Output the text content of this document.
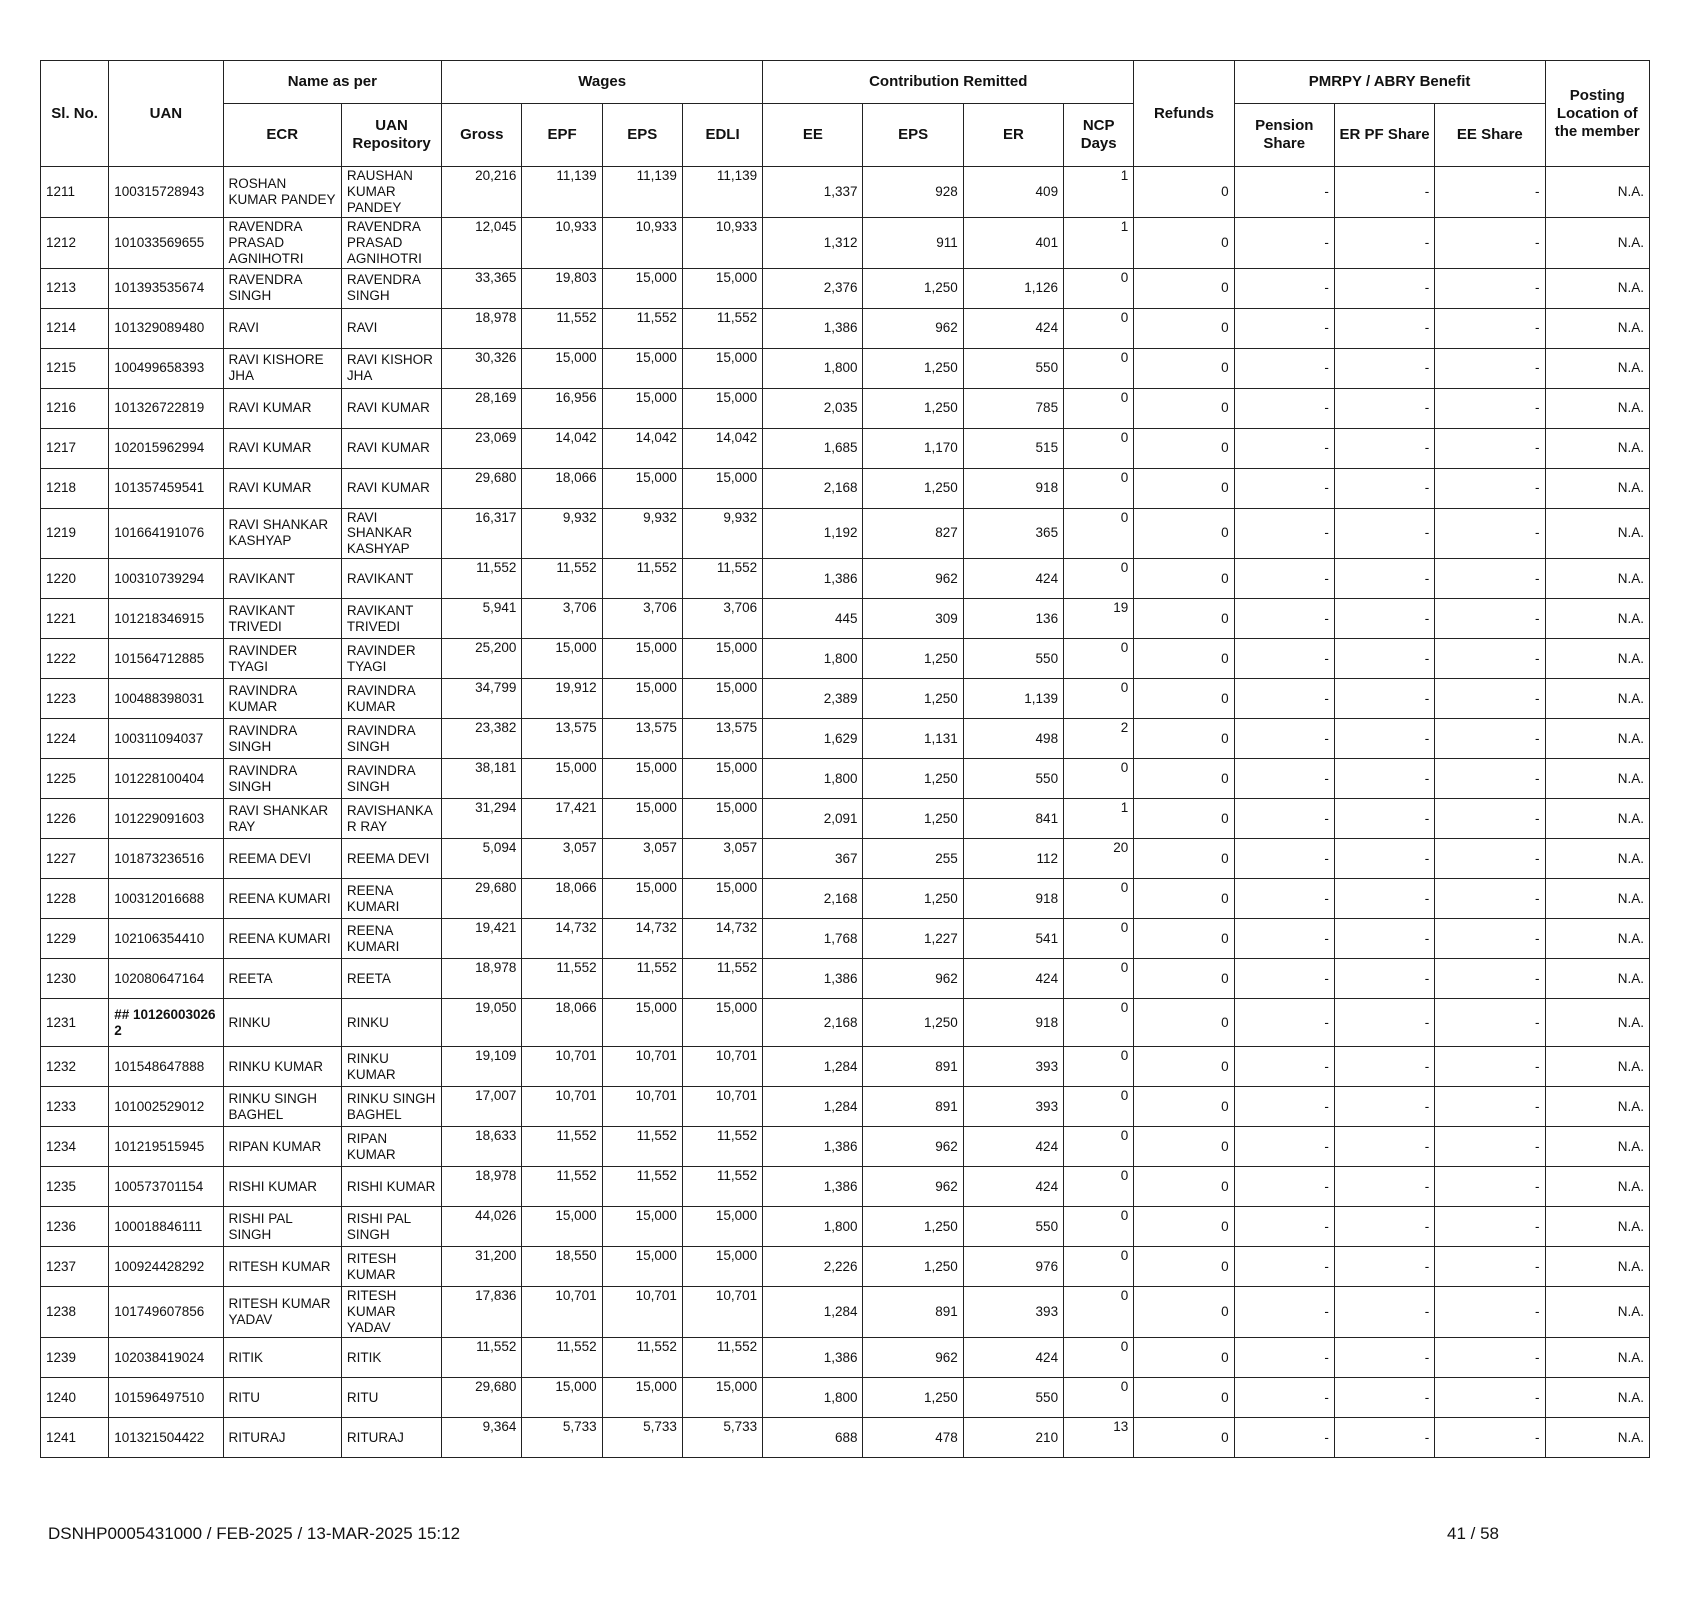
Sl. No.	UAN	Name as per		Wages				Contribution Remitted				Refunds	PMRPY / ABRY Benefit			Posting Location of the member
		ECR	UAN Repository	Gross	EPF	EPS	EDLI	EE	EPS	ER	NCP Days		Pension Share	ER PF Share	EE Share	
1211	100315728943	ROSHAN KUMAR PANDEY	RAUSHAN KUMAR PANDEY	20,216	11,139	11,139	11,139	1,337	928	409	1	0	-	-	-	N.A.
1212	101033569655	RAVENDRA PRASAD AGNIHOTRI	RAVENDRA PRASAD AGNIHOTRI	12,045	10,933	10,933	10,933	1,312	911	401	1	0	-	-	-	N.A.
1213	101393535674	RAVENDRA SINGH	RAVENDRA SINGH	33,365	19,803	15,000	15,000	2,376	1,250	1,126	0	0	-	-	-	N.A.
1214	101329089480	RAVI	RAVI	18,978	11,552	11,552	11,552	1,386	962	424	0	0	-	-	-	N.A.
1215	100499658393	RAVI KISHORE JHA	RAVI KISHOR JHA	30,326	15,000	15,000	15,000	1,800	1,250	550	0	0	-	-	-	N.A.
1216	101326722819	RAVI KUMAR	RAVI KUMAR	28,169	16,956	15,000	15,000	2,035	1,250	785	0	0	-	-	-	N.A.
1217	102015962994	RAVI KUMAR	RAVI KUMAR	23,069	14,042	14,042	14,042	1,685	1,170	515	0	0	-	-	-	N.A.
1218	101357459541	RAVI KUMAR	RAVI KUMAR	29,680	18,066	15,000	15,000	2,168	1,250	918	0	0	-	-	-	N.A.
1219	101664191076	RAVI SHANKAR KASHYAP	RAVI SHANKAR KASHYAP	16,317	9,932	9,932	9,932	1,192	827	365	0	0	-	-	-	N.A.
1220	100310739294	RAVIKANT	RAVIKANT	11,552	11,552	11,552	11,552	1,386	962	424	0	0	-	-	-	N.A.
1221	101218346915	RAVIKANT TRIVEDI	RAVIKANT TRIVEDI	5,941	3,706	3,706	3,706	445	309	136	19	0	-	-	-	N.A.
1222	101564712885	RAVINDER TYAGI	RAVINDER TYAGI	25,200	15,000	15,000	15,000	1,800	1,250	550	0	0	-	-	-	N.A.
1223	100488398031	RAVINDRA KUMAR	RAVINDRA KUMAR	34,799	19,912	15,000	15,000	2,389	1,250	1,139	0	0	-	-	-	N.A.
1224	100311094037	RAVINDRA SINGH	RAVINDRA SINGH	23,382	13,575	13,575	13,575	1,629	1,131	498	2	0	-	-	-	N.A.
1225	101228100404	RAVINDRA SINGH	RAVINDRA SINGH	38,181	15,000	15,000	15,000	1,800	1,250	550	0	0	-	-	-	N.A.
1226	101229091603	RAVI SHANKAR RAY	RAVISHANKA R RAY	31,294	17,421	15,000	15,000	2,091	1,250	841	1	0	-	-	-	N.A.
1227	101873236516	REEMA DEVI	REEMA DEVI	5,094	3,057	3,057	3,057	367	255	112	20	0	-	-	-	N.A.
1228	100312016688	REENA KUMARI	REENA KUMARI	29,680	18,066	15,000	15,000	2,168	1,250	918	0	0	-	-	-	N.A.
1229	102106354410	REENA KUMARI	REENA KUMARI	19,421	14,732	14,732	14,732	1,768	1,227	541	0	0	-	-	-	N.A.
1230	102080647164	REETA	REETA	18,978	11,552	11,552	11,552	1,386	962	424	0	0	-	-	-	N.A.
1231	## 10126003026 2	RINKU	RINKU	19,050	18,066	15,000	15,000	2,168	1,250	918	0	0	-	-	-	N.A.
1232	101548647888	RINKU KUMAR	RINKU KUMAR	19,109	10,701	10,701	10,701	1,284	891	393	0	0	-	-	-	N.A.
1233	101002529012	RINKU SINGH BAGHEL	RINKU SINGH BAGHEL	17,007	10,701	10,701	10,701	1,284	891	393	0	0	-	-	-	N.A.
1234	101219515945	RIPAN KUMAR	RIPAN KUMAR	18,633	11,552	11,552	11,552	1,386	962	424	0	0	-	-	-	N.A.
1235	100573701154	RISHI KUMAR	RISHI KUMAR	18,978	11,552	11,552	11,552	1,386	962	424	0	0	-	-	-	N.A.
1236	100018846111	RISHI PAL SINGH	RISHI PAL SINGH	44,026	15,000	15,000	15,000	1,800	1,250	550	0	0	-	-	-	N.A.
1237	100924428292	RITESH KUMAR	RITESH KUMAR	31,200	18,550	15,000	15,000	2,226	1,250	976	0	0	-	-	-	N.A.
1238	101749607856	RITESH KUMAR YADAV	RITESH KUMAR YADAV	17,836	10,701	10,701	10,701	1,284	891	393	0	0	-	-	-	N.A.
1239	102038419024	RITIK	RITIK	11,552	11,552	11,552	11,552	1,386	962	424	0	0	-	-	-	N.A.
1240	101596497510	RITU	RITU	29,680	15,000	15,000	15,000	1,800	1,250	550	0	0	-	-	-	N.A.
1241	101321504422	RITURAJ	RITURAJ	9,364	5,733	5,733	5,733	688	478	210	13	0	-	-	-	N.A.
DSNHP0005431000 / FEB-2025 / 13-MAR-2025 15:12	41 / 58
